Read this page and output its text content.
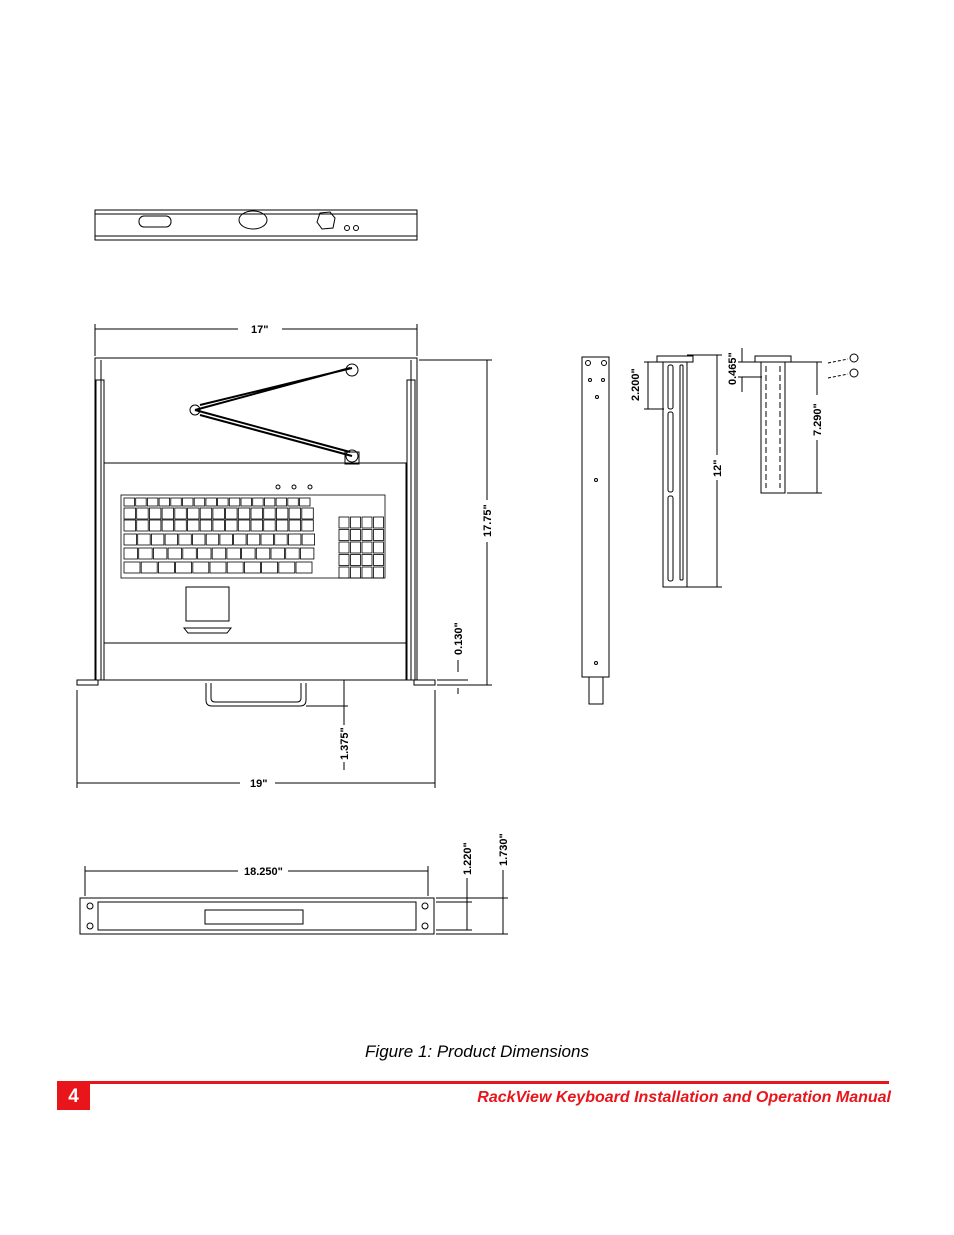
17"
17.75"
0.130"
1.375"
19"
18.250"	1.220" 1.730"
2.200"
12"
0.465"
7.290"
Figure 1: Product Dimensions
4	RackView Keyboard Installation and Operation Manual
